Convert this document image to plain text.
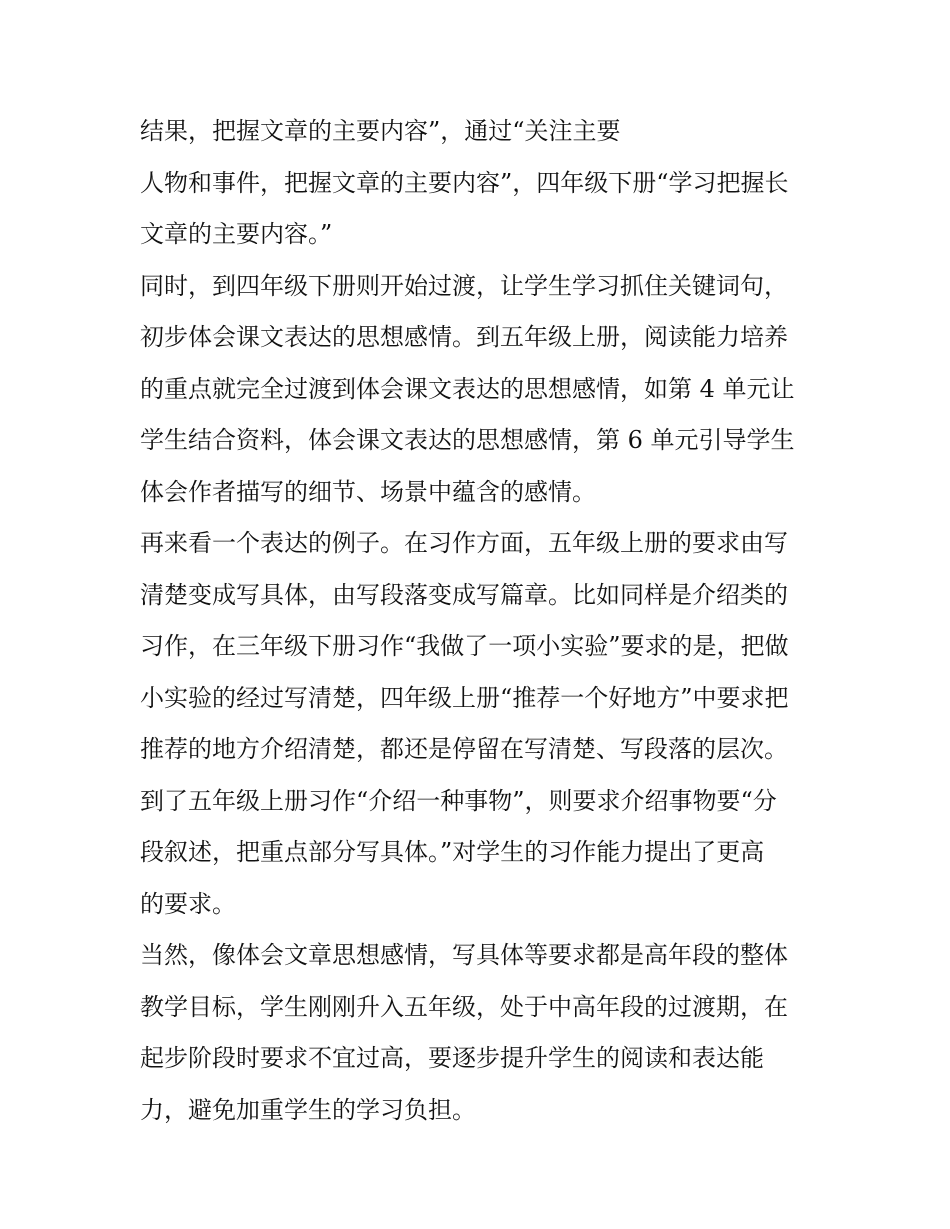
结果，把握文章的主要内容”，通过“关注主要
人物和事件，把握文章的主要内容”，四年级下册“学习把握长
文章的主要内容。”
同时，到四年级下册则开始过渡，让学生学习抓住关键词句，
初步体会课文表达的思想感情。到五年级上册，阅读能力培养
的重点就完全过渡到体会课文表达的思想感情，如第 4 单元让
学生结合资料，体会课文表达的思想感情，第 6 单元引导学生
体会作者描写的细节、场景中蕴含的感情。
再来看一个表达的例子。在习作方面，五年级上册的要求由写
清楚变成写具体，由写段落变成写篇章。比如同样是介绍类的
习作，在三年级下册习作“我做了一项小实验”要求的是，把做
小实验的经过写清楚，四年级上册“推荐一个好地方”中要求把
推荐的地方介绍清楚，都还是停留在写清楚、写段落的层次。
到了五年级上册习作“介绍一种事物”，则要求介绍事物要“分
段叙述，把重点部分写具体。”对学生的习作能力提出了更高
的要求。
当然，像体会文章思想感情，写具体等要求都是高年段的整体
教学目标，学生刚刚升入五年级，处于中高年段的过渡期，在
起步阶段时要求不宜过高，要逐步提升学生的阅读和表达能
力，避免加重学生的学习负担。
